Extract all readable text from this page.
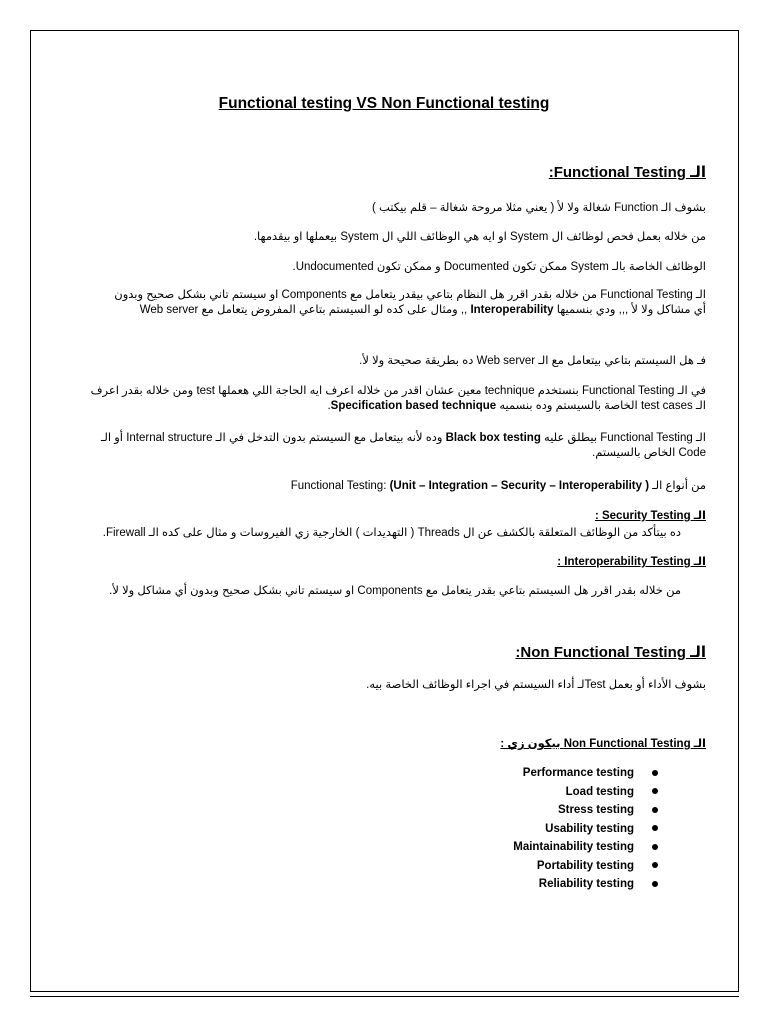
Functional testing VS Non Functional testing
الـ Functional Testing:
بشوف الـ Function شغالة ولا لأ ( يعني مثلا مروحة شغالة – قلم بيكتب )
من خلاله بعمل فحص لوظائف ال System او ايه هي الوظائف اللي ال System بيعملها او بيقدمها.
الوظائف الخاصة بالـ System ممكن تكون Documented و ممكن تكون Undocumented.
الـ Functional Testing من خلاله بقدر اقرر هل النظام بتاعي بيقدر يتعامل مع Components او سيستم تاني بشكل صحيح وبدون أي مشاكل ولا لأ ,,, ودي بنسميها Interoperability ,, ومثال على كده لو السيستم بتاعي المفروض يتعامل مع Web server
فـ هل السيستم بتاعي بيتعامل مع الـ Web server ده بطريقة صحيحة ولا لأ.
في الـ Functional Testing بنستخدم technique معين عشان اقدر من خلاله اعرف ايه الحاجة اللي هعملها test ومن خلاله بقدر اعرف الـ test cases الخاصة بالسيستم وده بنسميه Specification based technique.
الـ Functional Testing بيطلق عليه Black box testing وده لأنه بيتعامل مع السيستم بدون التدخل في الـ Internal structure أو الـ Code الخاص بالسيستم.
من أنواع الـ Functional Testing: (Unit – Integration – Security – Interoperability )
الـ Security Testing :
ده بيتأكد من الوظائف المتعلقة بالكشف عن ال Threads ( التهديدات ) الخارجية زي الفيروسات و مثال على كده الـ Firewall.
الـ Interoperability Testing :
من خلاله بقدر اقرر هل السيستم بتاعي بقدر يتعامل مع Components او سيستم تاني بشكل صحيح وبدون أي مشاكل ولا لأ.
الـ Non Functional Testing:
بشوف الأداء أو بعمل Testلـ أداء السيستم في اجراء الوظائف الخاصة بيه.
الـ Non Functional Testing بيكون زي :
Performance testing
Load testing
Stress testing
Usability testing
Maintainability testing
Portability testing
Reliability testing
